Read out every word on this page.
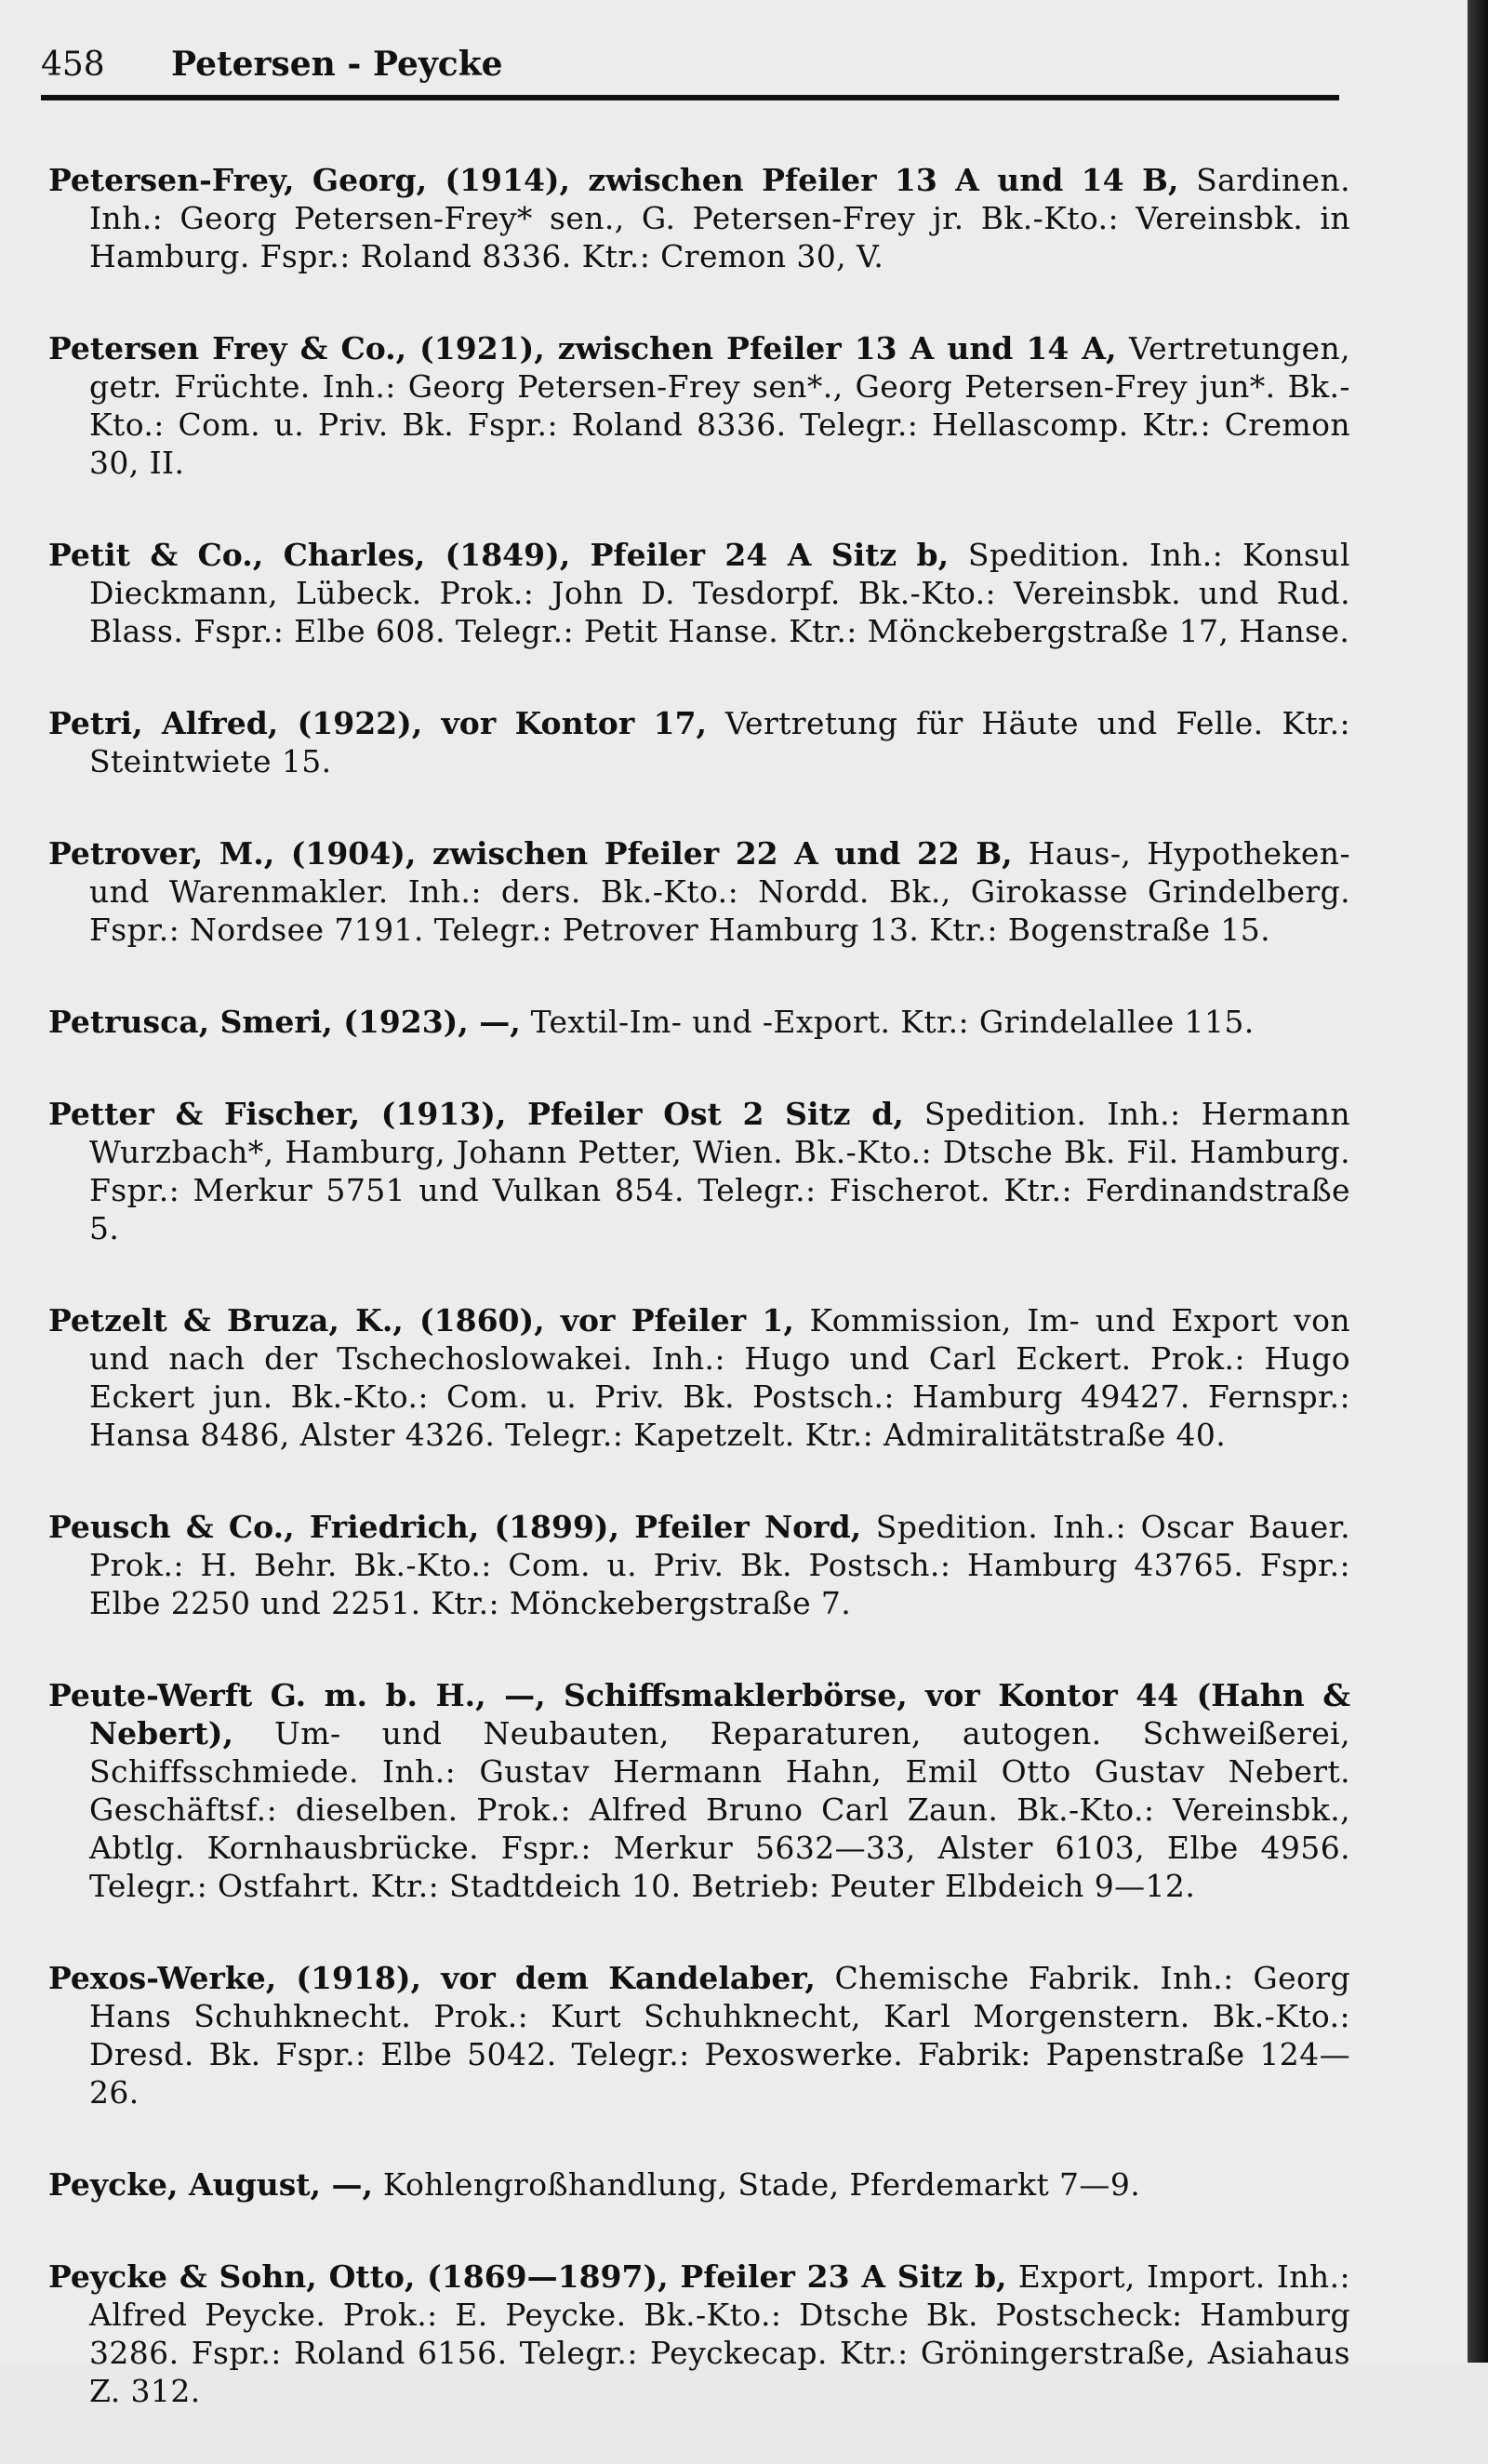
458 Petersen - Peycke

Petersen-Frey, Georg, (1914), zwischen Pfeiler 13 A und 14 B, Sardinen. Inh.: Georg Petersen-Frey* sen., G. Petersen-Frey jr. Bk.-Kto.: Vereinsbk. in Hamburg. Fspr.: Roland 8336. Ktr.: Cremon 30, V.

Petersen Frey & Co., (1921), zwischen Pfeiler 13 A und 14 A, Vertretungen, getr. Früchte. Inh.: Georg Petersen-Frey sen*., Georg Petersen-Frey jun*. Bk.-Kto.: Com. u. Priv. Bk. Fspr.: Roland 8336. Telegr.: Hellascomp. Ktr.: Cremon 30, II.

Petit & Co., Charles, (1849), Pfeiler 24 A Sitz b, Spedition. Inh.: Konsul Dieckmann, Lübeck. Prok.: John D. Tesdorpf. Bk.-Kto.: Vereinsbk. und Rud. Blass. Fspr.: Elbe 608. Telegr.: Petit Hanse. Ktr.: Mönckebergstraße 17, Hanse.

Petri, Alfred, (1922), vor Kontor 17, Vertretung für Häute und Felle. Ktr.: Steintwiete 15.

Petrover, M., (1904), zwischen Pfeiler 22 A und 22 B, Haus-, Hypotheken- und Warenmakler. Inh.: ders. Bk.-Kto.: Nordd. Bk., Girokasse Grindelberg. Fspr.: Nordsee 7191. Telegr.: Petrover Hamburg 13. Ktr.: Bogenstraße 15.

Petrusca, Smeri, (1923), —, Textil-Im- und -Export. Ktr.: Grindelallee 115.

Petter & Fischer, (1913), Pfeiler Ost 2 Sitz d, Spedition. Inh.: Hermann Wurzbach*, Hamburg, Johann Petter, Wien. Bk.-Kto.: Dtsche Bk. Fil. Hamburg. Fspr.: Merkur 5751 und Vulkan 854. Telegr.: Fischerot. Ktr.: Ferdinandstraße 5.

Petzelt & Bruza, K., (1860), vor Pfeiler 1, Kommission, Im- und Export von und nach der Tschechoslowakei. Inh.: Hugo und Carl Eckert. Prok.: Hugo Eckert jun. Bk.-Kto.: Com. u. Priv. Bk. Postsch.: Hamburg 49427. Fernspr.: Hansa 8486, Alster 4326. Telegr.: Kapetzelt. Ktr.: Admiralitätstraße 40.

Peusch & Co., Friedrich, (1899), Pfeiler Nord, Spedition. Inh.: Oscar Bauer. Prok.: H. Behr. Bk.-Kto.: Com. u. Priv. Bk. Postsch.: Hamburg 43765. Fspr.: Elbe 2250 und 2251. Ktr.: Mönckebergstraße 7.

Peute-Werft G. m. b. H., —, Schiffsmaklerbörse, vor Kontor 44 (Hahn & Nebert), Um- und Neubauten, Reparaturen, autogen. Schweißerei, Schiffsschmiede. Inh.: Gustav Hermann Hahn, Emil Otto Gustav Nebert. Geschäftsf.: dieselben. Prok.: Alfred Bruno Carl Zaun. Bk.-Kto.: Vereinsbk., Abtlg. Kornhausbrücke. Fspr.: Merkur 5632—33, Alster 6103, Elbe 4956. Telegr.: Ostfahrt. Ktr.: Stadtdeich 10. Betrieb: Peuter Elbdeich 9—12.

Pexos-Werke, (1918), vor dem Kandelaber, Chemische Fabrik. Inh.: Georg Hans Schuhknecht. Prok.: Kurt Schuhknecht, Karl Morgenstern. Bk.-Kto.: Dresd. Bk. Fspr.: Elbe 5042. Telegr.: Pexoswerke. Fabrik: Papenstraße 124—26.

Peycke, August, —, Kohlengroßhandlung, Stade, Pferdemarkt 7—9.

Peycke & Sohn, Otto, (1869—1897), Pfeiler 23 A Sitz b, Export, Import. Inh.: Alfred Peycke. Prok.: E. Peycke. Bk.-Kto.: Dtsche Bk. Postscheck: Hamburg 3286. Fspr.: Roland 6156. Telegr.: Peyckecap. Ktr.: Gröningerstraße, Asiahaus Z. 312.
